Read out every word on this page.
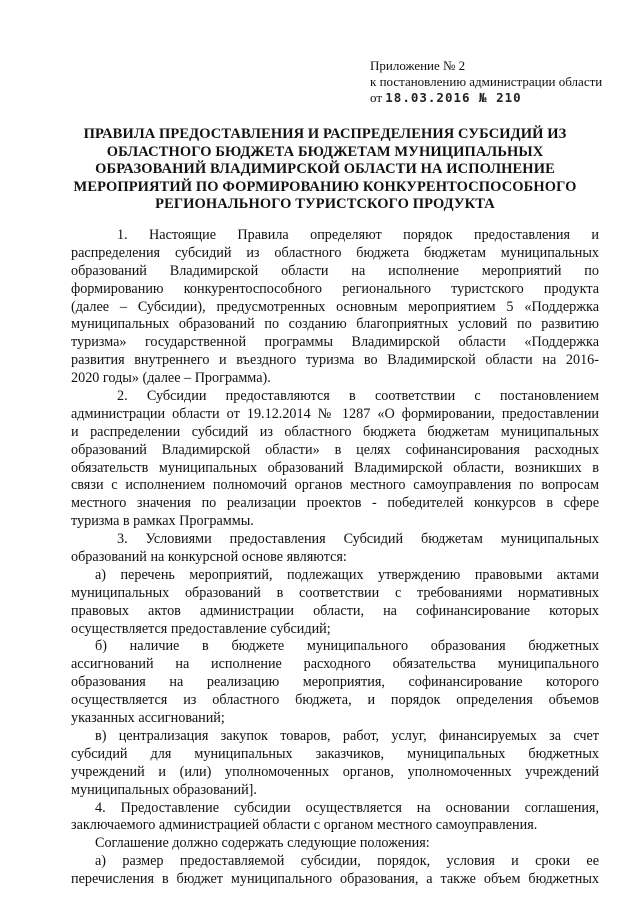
Приложение № 2
к постановлению администрации области
от 18.03.2016 № 210
ПРАВИЛА ПРЕДОСТАВЛЕНИЯ И РАСПРЕДЕЛЕНИЯ СУБСИДИЙ ИЗ
ОБЛАСТНОГО БЮДЖЕТА БЮДЖЕТАМ МУНИЦИПАЛЬНЫХ
ОБРАЗОВАНИЙ ВЛАДИМИРСКОЙ ОБЛАСТИ НА ИСПОЛНЕНИЕ
МЕРОПРИЯТИЙ ПО ФОРМИРОВАНИЮ КОНКУРЕНТОСПОСОБНОГО
РЕГИОНАЛЬНОГО ТУРИСТСКОГО ПРОДУКТА
1. Настоящие Правила определяют порядок предоставления и
распределения субсидий из областного бюджета бюджетам муниципальных
образований Владимирской области на исполнение мероприятий по
формированию конкурентоспособного регионального туристского продукта
(далее – Субсидии), предусмотренных основным мероприятием 5 «Поддержка
муниципальных образований по созданию благоприятных условий по развитию
туризма» государственной программы Владимирской области «Поддержка
развития внутреннего и въездного туризма во Владимирской области на 2016-
2020 годы» (далее – Программа).
2. Субсидии предоставляются в соответствии с постановлением
администрации области от 19.12.2014 № 1287 «О формировании, предоставлении
и распределении субсидий из областного бюджета бюджетам муниципальных
образований Владимирской области» в целях софинансирования расходных
обязательств муниципальных образований Владимирской области, возникших в
связи с исполнением полномочий органов местного самоуправления по вопросам
местного значения по реализации проектов - победителей конкурсов в сфере
туризма в рамках Программы.
3. Условиями предоставления Субсидий бюджетам муниципальных
образований на конкурсной основе являются:
а) перечень мероприятий, подлежащих утверждению правовыми актами
муниципальных образований в соответствии с требованиями нормативных
правовых актов администрации области, на софинансирование которых
осуществляется предоставление субсидий;
б) наличие в бюджете муниципального образования бюджетных
ассигнований на исполнение расходного обязательства муниципального
образования на реализацию мероприятия, софинансирование которого
осуществляется из областного бюджета, и порядок определения объемов
указанных ассигнований;
в) централизация закупок товаров, работ, услуг, финансируемых за счет
субсидий для муниципальных заказчиков, муниципальных бюджетных
учреждений и (или) уполномоченных органов, уполномоченных учреждений
муниципальных образований].
4. Предоставление субсидии осуществляется на основании соглашения,
заключаемого администрацией области с органом местного самоуправления.
Соглашение должно содержать следующие положения:
а) размер предоставляемой субсидии, порядок, условия и сроки ее
перечисления в бюджет муниципального образования, а также объем бюджетных
